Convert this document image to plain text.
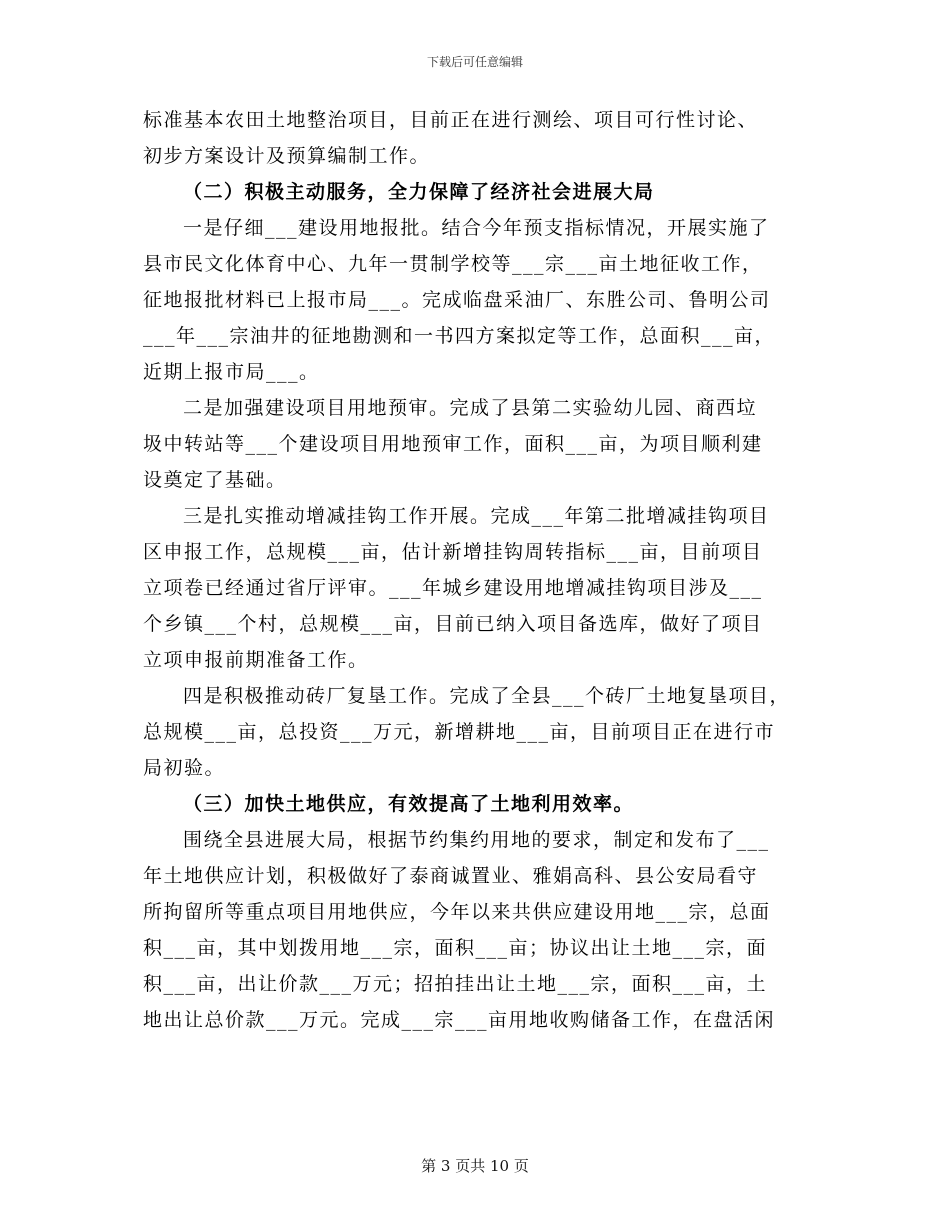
下载后可任意编辑
标准基本农田土地整治项目，目前正在进行测绘、项目可行性讨论、
初步方案设计及预算编制工作。
（二）积极主动服务，全力保障了经济社会进展大局
一是仔细___建设用地报批。结合今年预支指标情况，开展实施了
县市民文化体育中心、九年一贯制学校等___宗___亩土地征收工作，
征地报批材料已上报市局___。完成临盘采油厂、东胜公司、鲁明公司
___年___宗油井的征地勘测和一书四方案拟定等工作，总面积___亩，
近期上报市局___。
二是加强建设项目用地预审。完成了县第二实验幼儿园、商西垃
圾中转站等___个建设项目用地预审工作，面积___亩，为项目顺利建
设奠定了基础。
三是扎实推动增减挂钩工作开展。完成___年第二批增减挂钩项目
区申报工作，总规模___亩，估计新增挂钩周转指标___亩，目前项目
立项卷已经通过省厅评审。___年城乡建设用地增减挂钩项目涉及___
个乡镇___个村，总规模___亩，目前已纳入项目备选库，做好了项目
立项申报前期准备工作。
四是积极推动砖厂复垦工作。完成了全县___个砖厂土地复垦项目，
总规模___亩，总投资___万元，新增耕地___亩，目前项目正在进行市
局初验。
（三）加快土地供应，有效提高了土地利用效率。
围绕全县进展大局，根据节约集约用地的要求，制定和发布了___
年土地供应计划，积极做好了泰商诚置业、雅娟高科、县公安局看守
所拘留所等重点项目用地供应，今年以来共供应建设用地___宗，总面
积___亩，其中划拨用地___宗，面积___亩；协议出让土地___宗，面
积___亩，出让价款___万元；招拍挂出让土地___宗，面积___亩，土
地出让总价款___万元。完成___宗___亩用地收购储备工作，在盘活闲
第 3 页共 10 页
